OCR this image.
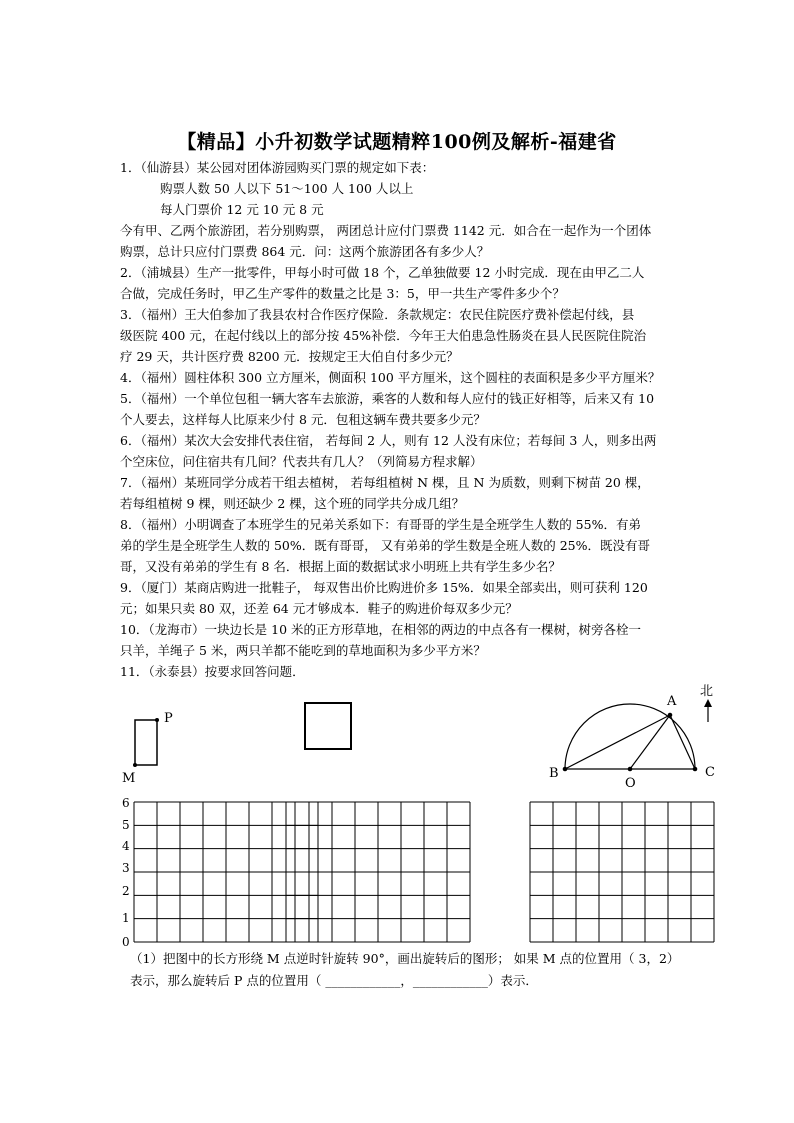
【精品】小升初数学试题精粹100例及解析-福建省
1．（仙游县）某公园对团体游园购买门票的规定如下表：
购票人数 50 人以下 51～100 人 100 人以上
每人门票价 12 元 10 元 8 元
今有甲、乙两个旅游团，若分别购票， 两团总计应付门票费 1142 元．如合在一起作为一个团体
购票，总计只应付门票费 864 元．问：这两个旅游团各有多少人？
2．（浦城县）生产一批零件，甲每小时可做 18 个，乙单独做要 12 小时完成．现在由甲乙二人
合做，完成任务时，甲乙生产零件的数量之比是 3：5，甲一共生产零件多少个？
3．（福州）王大伯参加了我县农村合作医疗保险．条款规定：农民住院医疗费补偿起付线，县
级医院 400 元，在起付线以上的部分按 45%补偿．今年王大伯患急性肠炎在县人民医院住院治
疗 29 天，共计医疗费 8200 元．按规定王大伯自付多少元？
4．（福州）圆柱体积 300 立方厘米，侧面积 100 平方厘米，这个圆柱的表面积是多少平方厘米？
5．（福州）一个单位包租一辆大客车去旅游，乘客的人数和每人应付的钱正好相等，后来又有 10
个人要去，这样每人比原来少付 8 元．包租这辆车费共要多少元？
6．（福州）某次大会安排代表住宿， 若每间 2 人，则有 12 人没有床位；若每间 3 人，则多出两
个空床位，问住宿共有几间？代表共有几人？（列简易方程求解）
7．（福州）某班同学分成若干组去植树， 若每组植树 N 棵，且 N 为质数，则剩下树苗 20 棵，
若每组植树 9 棵，则还缺少 2 棵，这个班的同学共分成几组？
8．（福州）小明调查了本班学生的兄弟关系如下：有哥哥的学生是全班学生人数的 55%．有弟
弟的学生是全班学生人数的 50%．既有哥哥， 又有弟弟的学生数是全班人数的 25%．既没有哥
哥，又没有弟弟的学生有 8 名．根据上面的数据试求小明班上共有学生多少名？
9．（厦门）某商店购进一批鞋子， 每双售出价比购进价多 15%．如果全部卖出，则可获利 120
元；如果只卖 80 双，还差 64 元才够成本．鞋子的购进价每双多少元？
10．（龙海市）一块边长是 10 米的正方形草地，在相邻的两边的中点各有一棵树，树旁各栓一
只羊，羊绳子 5 米，两只羊都不能吃到的草地面积为多少平方米？
11．（永泰县）按要求回答问题．
P
M
A
B	C
O
北
6
5
4
3
2
1
0
（1）把图中的长方形绕 M 点逆时针旋转 90°，画出旋转后的图形； 如果 M 点的位置用（ 3，2）
表示，那么旋转后 P 点的位置用（ ____________，____________）表示．
